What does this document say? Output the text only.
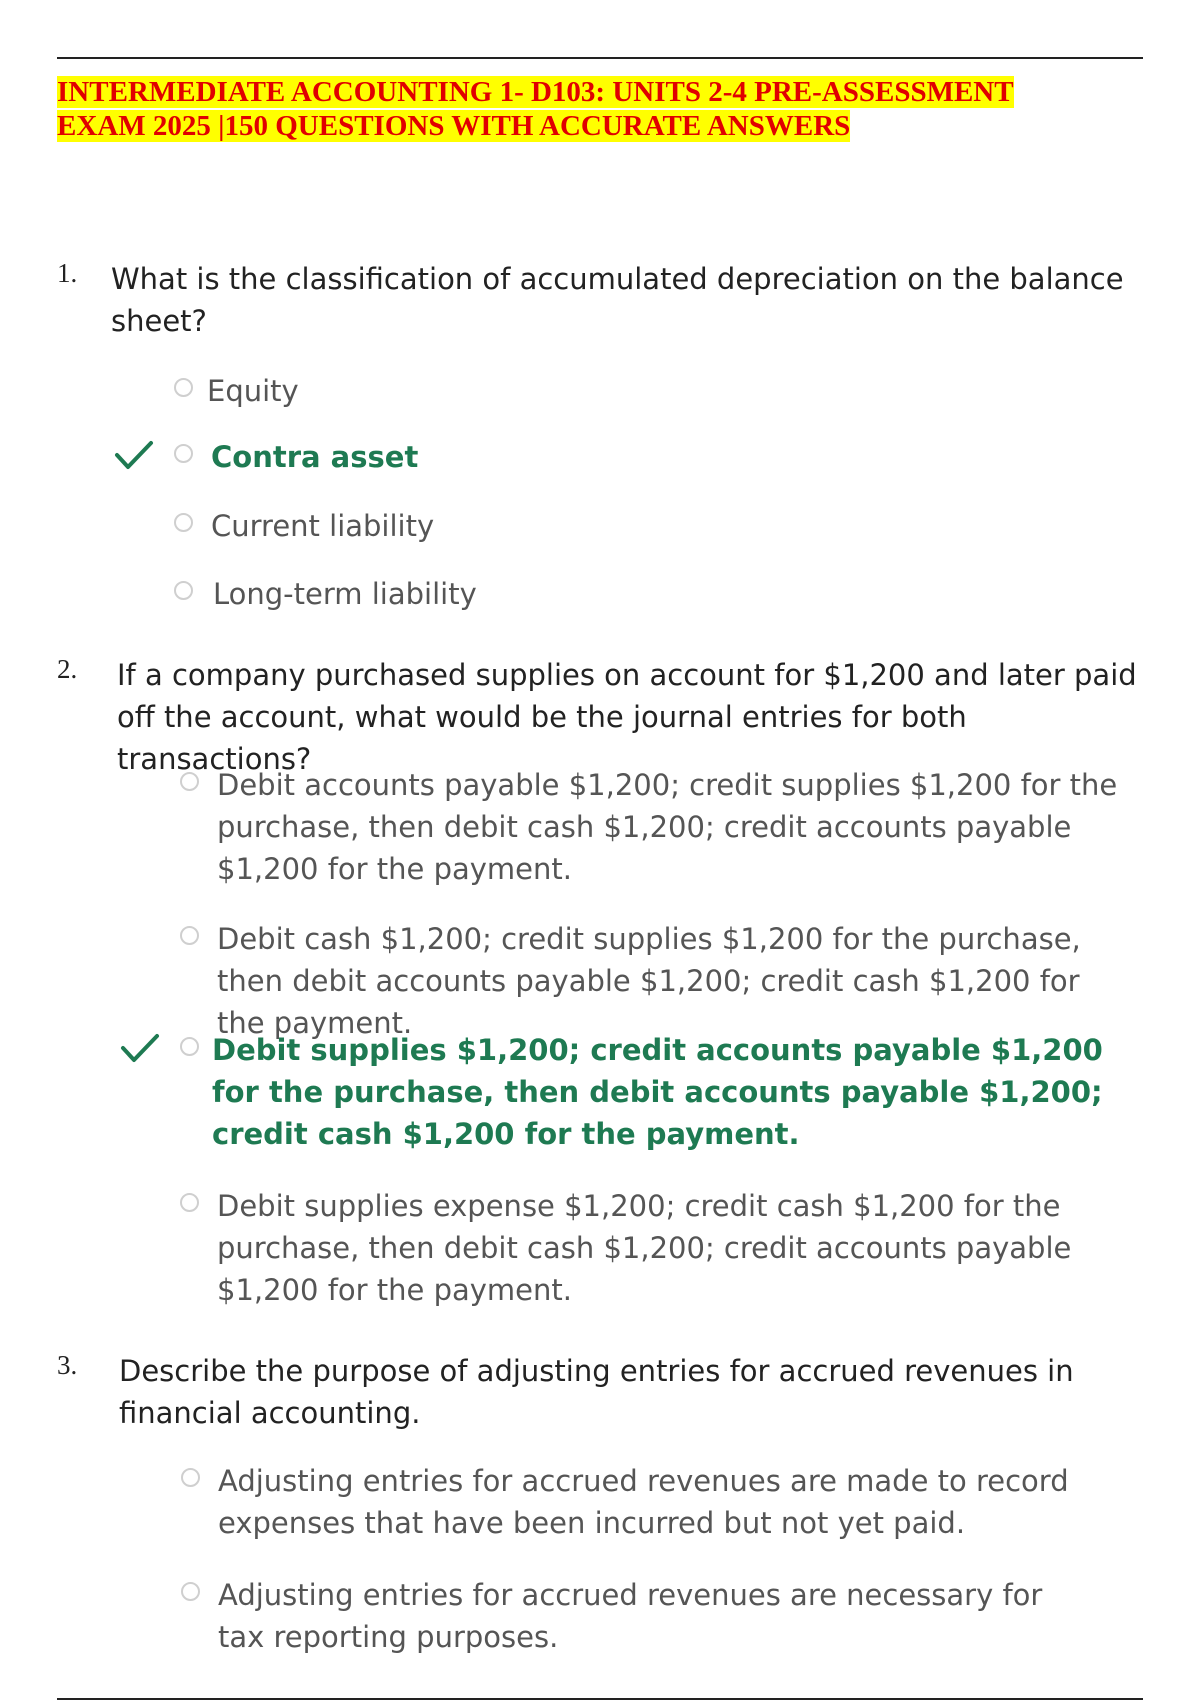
INTERMEDIATE ACCOUNTING 1- D103: UNITS 2-4 PRE-ASSESSMENT
EXAM 2025 |150 QUESTIONS WITH ACCURATE ANSWERS
1. What is the classification of accumulated depreciation on the balance sheet?
Equity
Contra asset
Current liability
Long-term liability
2. If a company purchased supplies on account for $1,200 and later paid off the account, what would be the journal entries for both transactions?
Debit accounts payable $1,200; credit supplies $1,200 for the purchase, then debit cash $1,200; credit accounts payable $1,200 for the payment.
Debit cash $1,200; credit supplies $1,200 for the purchase, then debit accounts payable $1,200; credit cash $1,200 for the payment.
Debit supplies $1,200; credit accounts payable $1,200 for the purchase, then debit accounts payable $1,200; credit cash $1,200 for the payment.
Debit supplies expense $1,200; credit cash $1,200 for the purchase, then debit cash $1,200; credit accounts payable $1,200 for the payment.
3. Describe the purpose of adjusting entries for accrued revenues in financial accounting.
Adjusting entries for accrued revenues are made to record expenses that have been incurred but not yet paid.
Adjusting entries for accrued revenues are necessary for tax reporting purposes.
